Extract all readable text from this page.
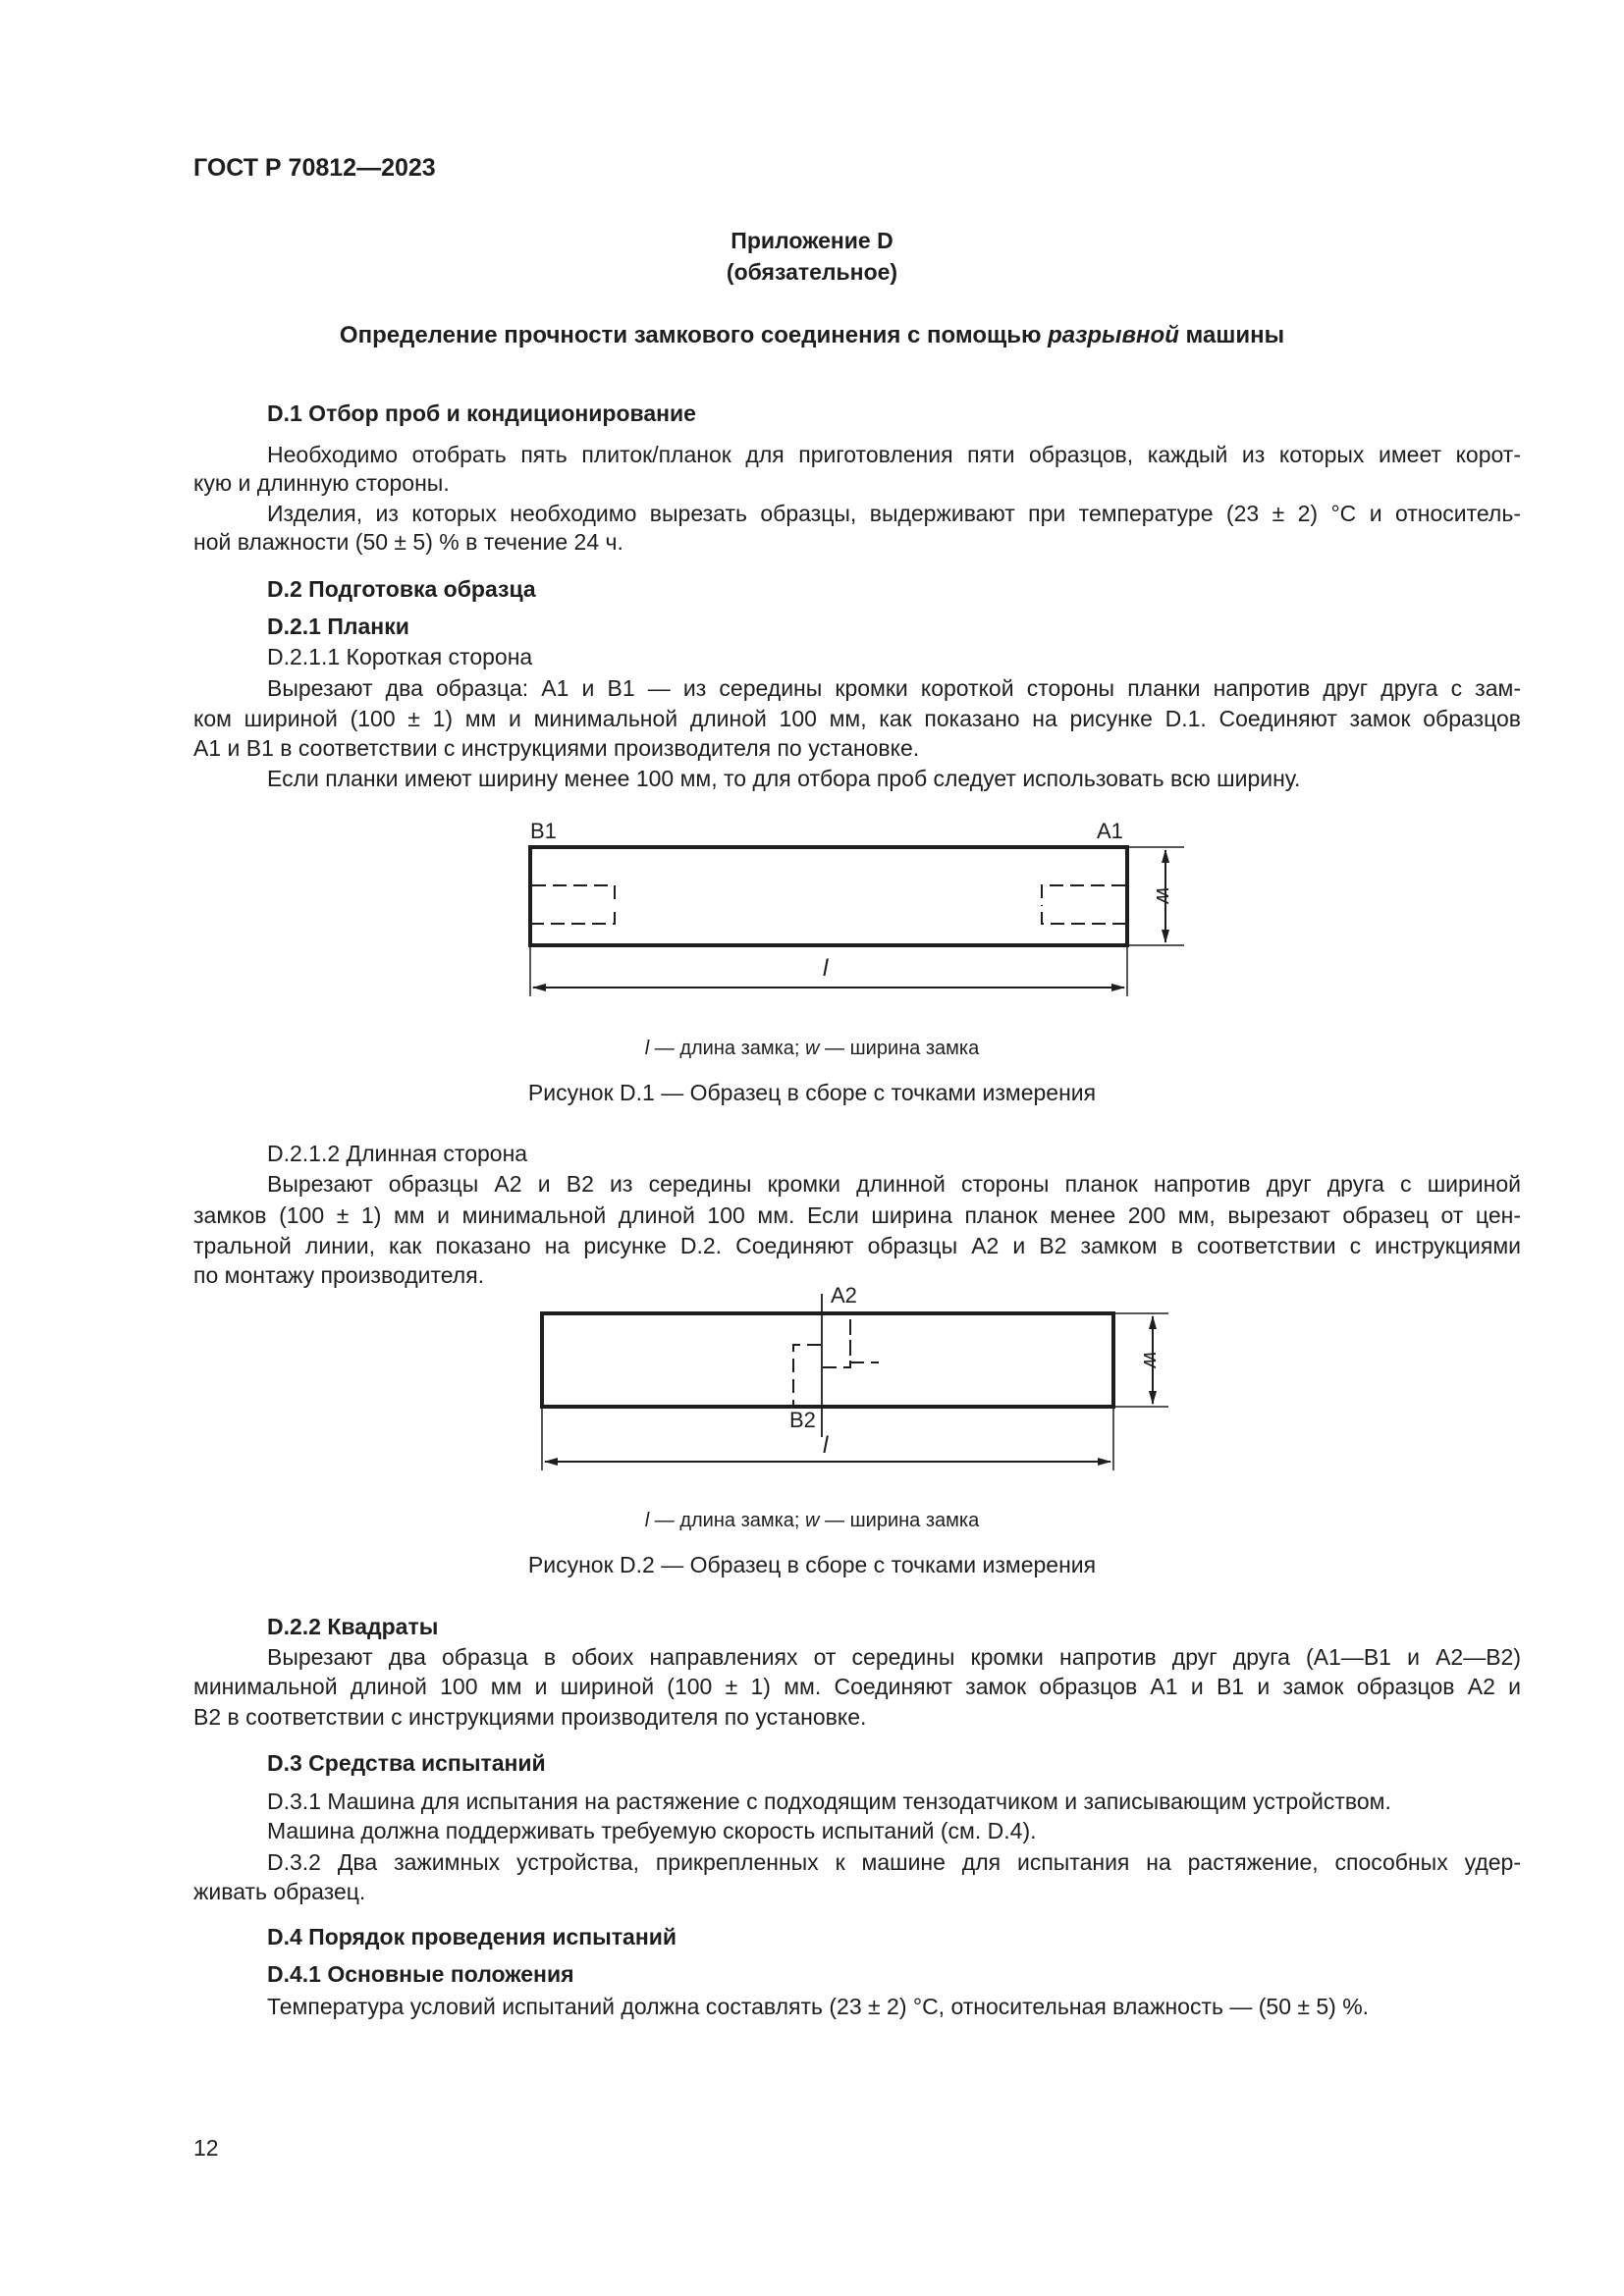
ГОСТ Р 70812—2023
Приложение D
(обязательное)
Определение прочности замкового соединения с помощью разрывной машины
D.1 Отбор проб и кондиционирование
Необходимо отобрать пять плиток/планок для приготовления пяти образцов, каждый из которых имеет корот-
кую и длинную стороны.
Изделия, из которых необходимо вырезать образцы, выдерживают при температуре (23 ± 2) °С и относитель-
ной влажности (50 ± 5) % в течение 24 ч.
D.2 Подготовка образца
D.2.1 Планки
D.2.1.1 Короткая сторона
Вырезают два образца: А1 и В1 — из середины кромки короткой стороны планки напротив друг друга с зам-
ком шириной (100 ± 1) мм и минимальной длиной 100 мм, как показано на рисунке D.1. Соединяют замок образцов
А1 и В1 в соответствии с инструкциями производителя по установке.
Если планки имеют ширину менее 100 мм, то для отбора проб следует использовать всю ширину.
B1	A1
w
l
l — длина замка; w — ширина замка
Рисунок D.1 — Образец в сборе с точками измерения
D.2.1.2 Длинная сторона
Вырезают образцы А2 и В2 из середины кромки длинной стороны планок напротив друг друга с шириной
замков (100 ± 1) мм и минимальной длиной 100 мм. Если ширина планок менее 200 мм, вырезают образец от цен-
тральной линии, как показано на рисунке D.2. Соединяют образцы А2 и В2 замком в соответствии с инструкциями
по монтажу производителя.
A2
B2
w
l
l — длина замка; w — ширина замка
Рисунок D.2 — Образец в сборе с точками измерения
D.2.2 Квадраты
Вырезают два образца в обоих направлениях от середины кромки напротив друг друга (А1—В1 и А2—В2)
минимальной длиной 100 мм и шириной (100 ± 1) мм. Соединяют замок образцов А1 и В1 и замок образцов А2 и
В2 в соответствии с инструкциями производителя по установке.
D.3 Средства испытаний
D.3.1 Машина для испытания на растяжение с подходящим тензодатчиком и записывающим устройством.
Машина должна поддерживать требуемую скорость испытаний (см. D.4).
D.3.2 Два зажимных устройства, прикрепленных к машине для испытания на растяжение, способных удер-
живать образец.
D.4 Порядок проведения испытаний
D.4.1 Основные положения
Температура условий испытаний должна составлять (23 ± 2) °С, относительная влажность — (50 ± 5) %.
12
